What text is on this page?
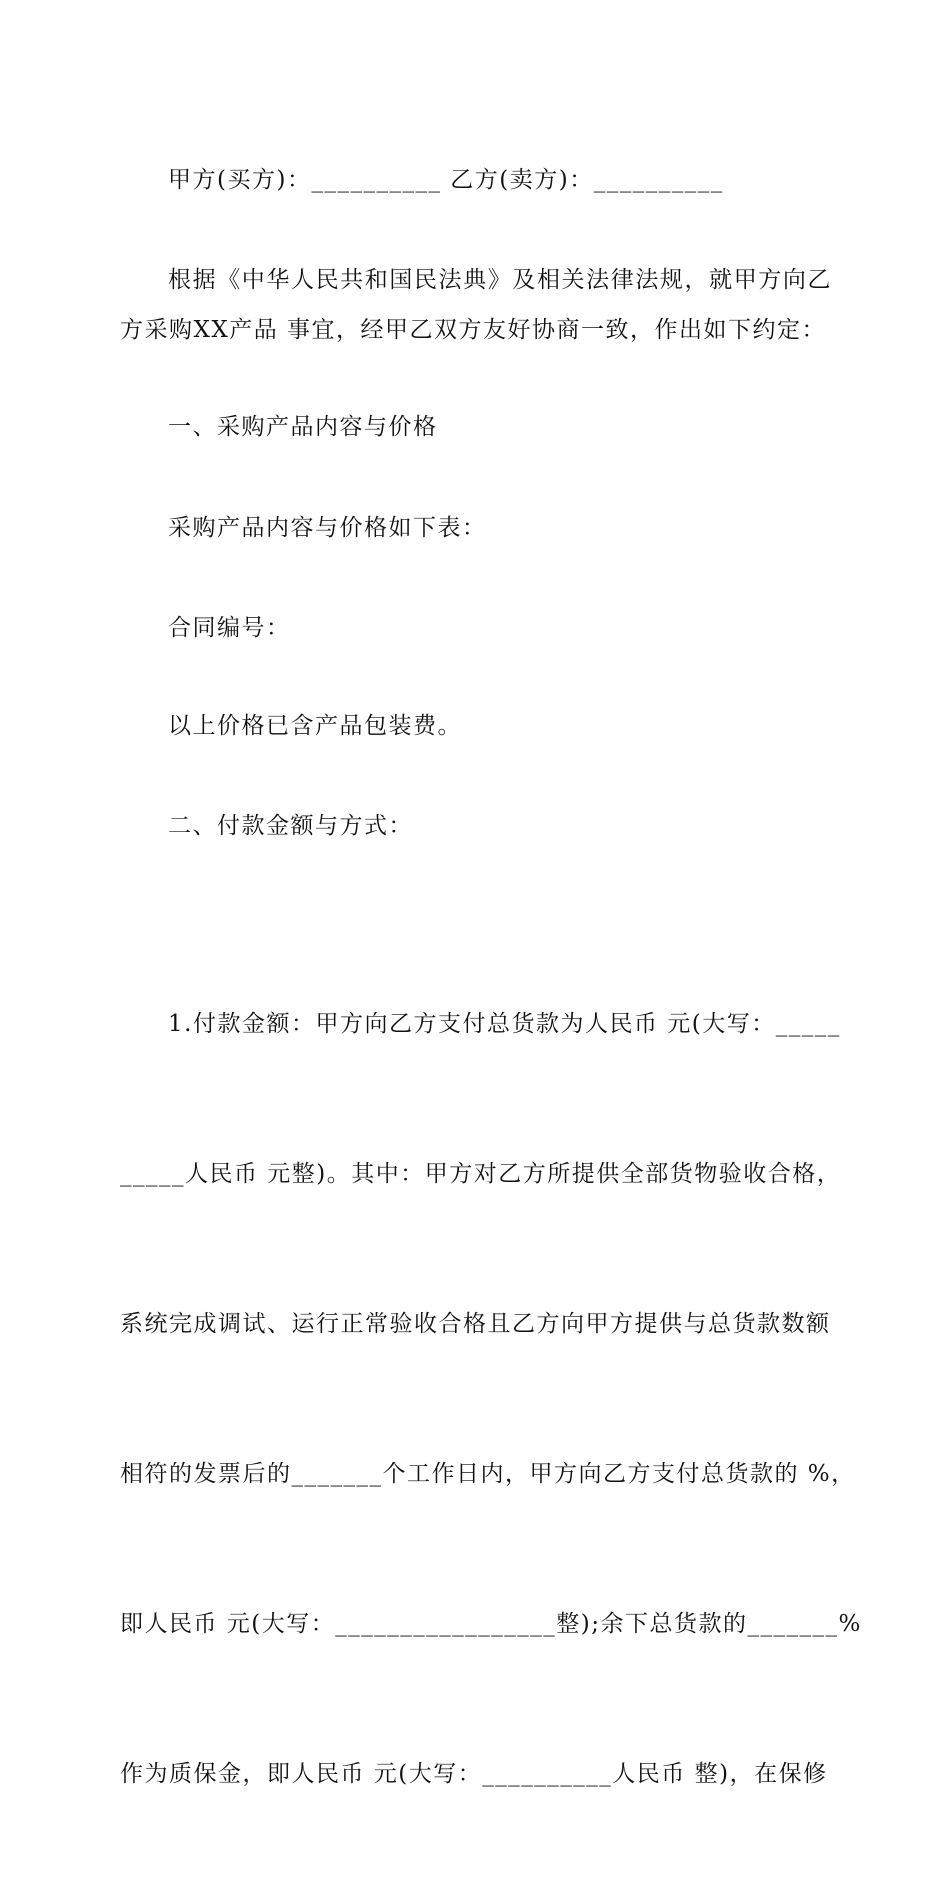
甲方(买方)：__________ 乙方(卖方)：__________

根据《中华人民共和国民法典》及相关法律法规，就甲方向乙方采购XX产品 事宜，经甲乙双方友好协商一致，作出如下约定：

一、采购产品内容与价格

采购产品内容与价格如下表：

合同编号：

以上价格已含产品包装费。

二、付款金额与方式：

1.付款金额：甲方向乙方支付总货款为人民币 元(大写：_____

_____人民币 元整)。其中：甲方对乙方所提供全部货物验收合格，

系统完成调试、运行正常验收合格且乙方向甲方提供与总货款数额

相符的发票后的_______个工作日内，甲方向乙方支付总货款的 %，

即人民币 元(大写：_________________整);余下总货款的_______%

作为质保金，即人民币 元(大写：__________人民币 整)，在保修
